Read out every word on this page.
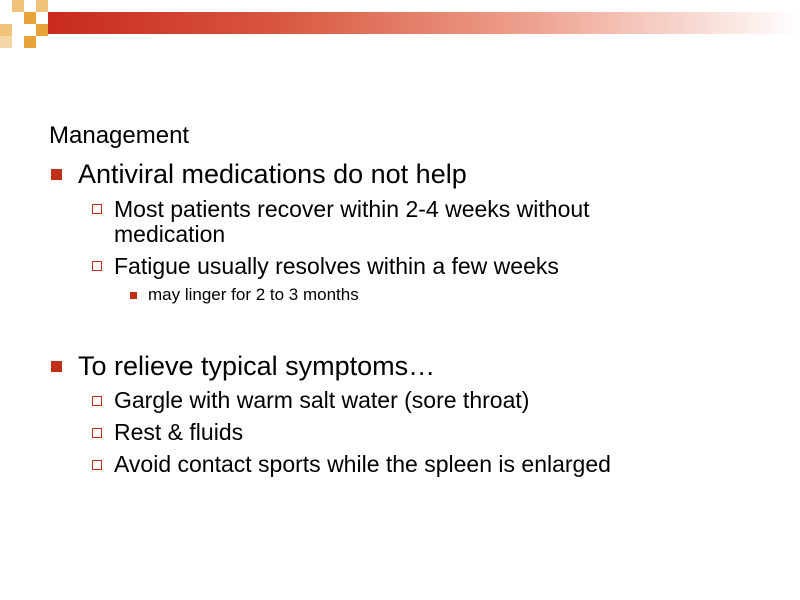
Management
Antiviral medications do not help
Most patients recover within 2-4 weeks without
medication
Fatigue usually resolves within a few weeks
may linger for 2 to 3 months
To relieve typical symptoms…
Gargle with warm salt water (sore throat)
Rest & fluids
Avoid contact sports while the spleen is enlarged
